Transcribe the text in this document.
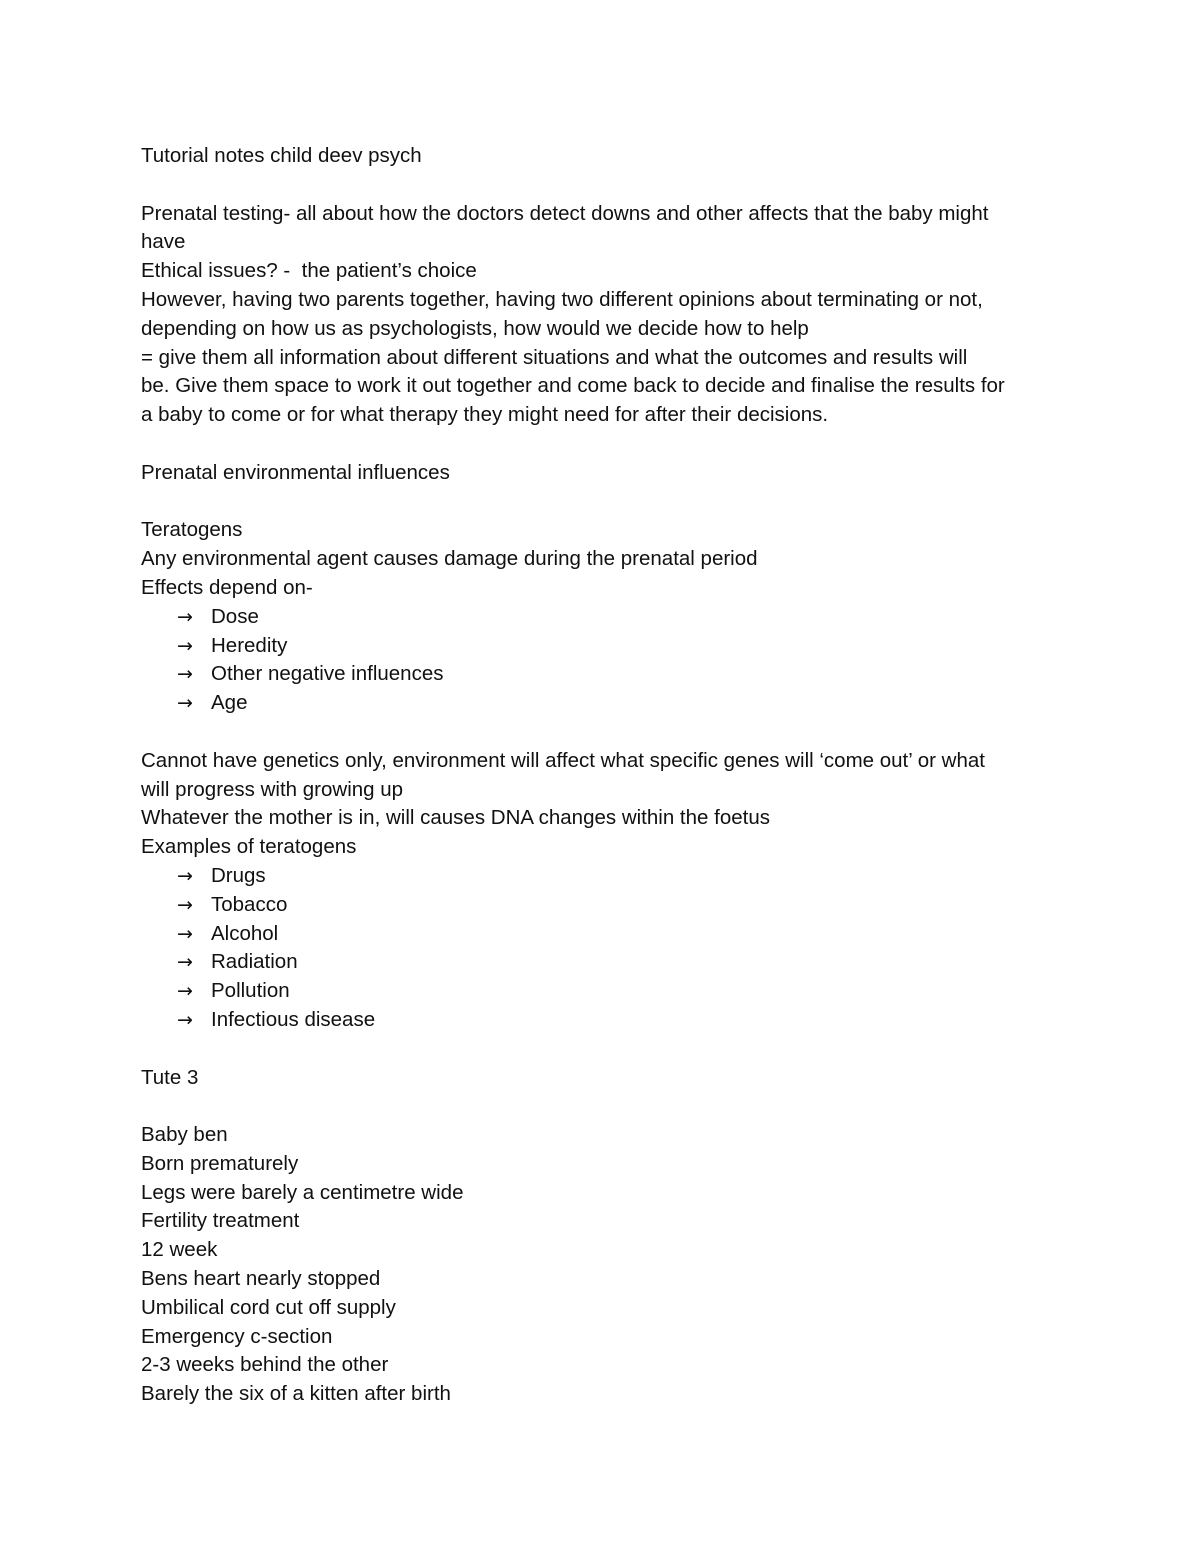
Tutorial notes child deev psych
Prenatal testing- all about how the doctors detect downs and other affects that the baby might
have
Ethical issues? -  the patient’s choice
However, having two parents together, having two different opinions about terminating or not,
depending on how us as psychologists, how would we decide how to help
= give them all information about different situations and what the outcomes and results will
be. Give them space to work it out together and come back to decide and finalise the results for
a baby to come or for what therapy they might need for after their decisions.
Prenatal environmental influences
Teratogens
Any environmental agent causes damage during the prenatal period
Effects depend on-
→ Dose
→ Heredity
→ Other negative influences
→ Age
Cannot have genetics only, environment will affect what specific genes will ‘come out’ or what
will progress with growing up
Whatever the mother is in, will causes DNA changes within the foetus
Examples of teratogens
→ Drugs
→ Tobacco
→ Alcohol
→ Radiation
→ Pollution
→ Infectious disease
Tute 3
Baby ben
Born prematurely
Legs were barely a centimetre wide
Fertility treatment
12 week
Bens heart nearly stopped
Umbilical cord cut off supply
Emergency c-section
2-3 weeks behind the other
Barely the six of a kitten after birth
